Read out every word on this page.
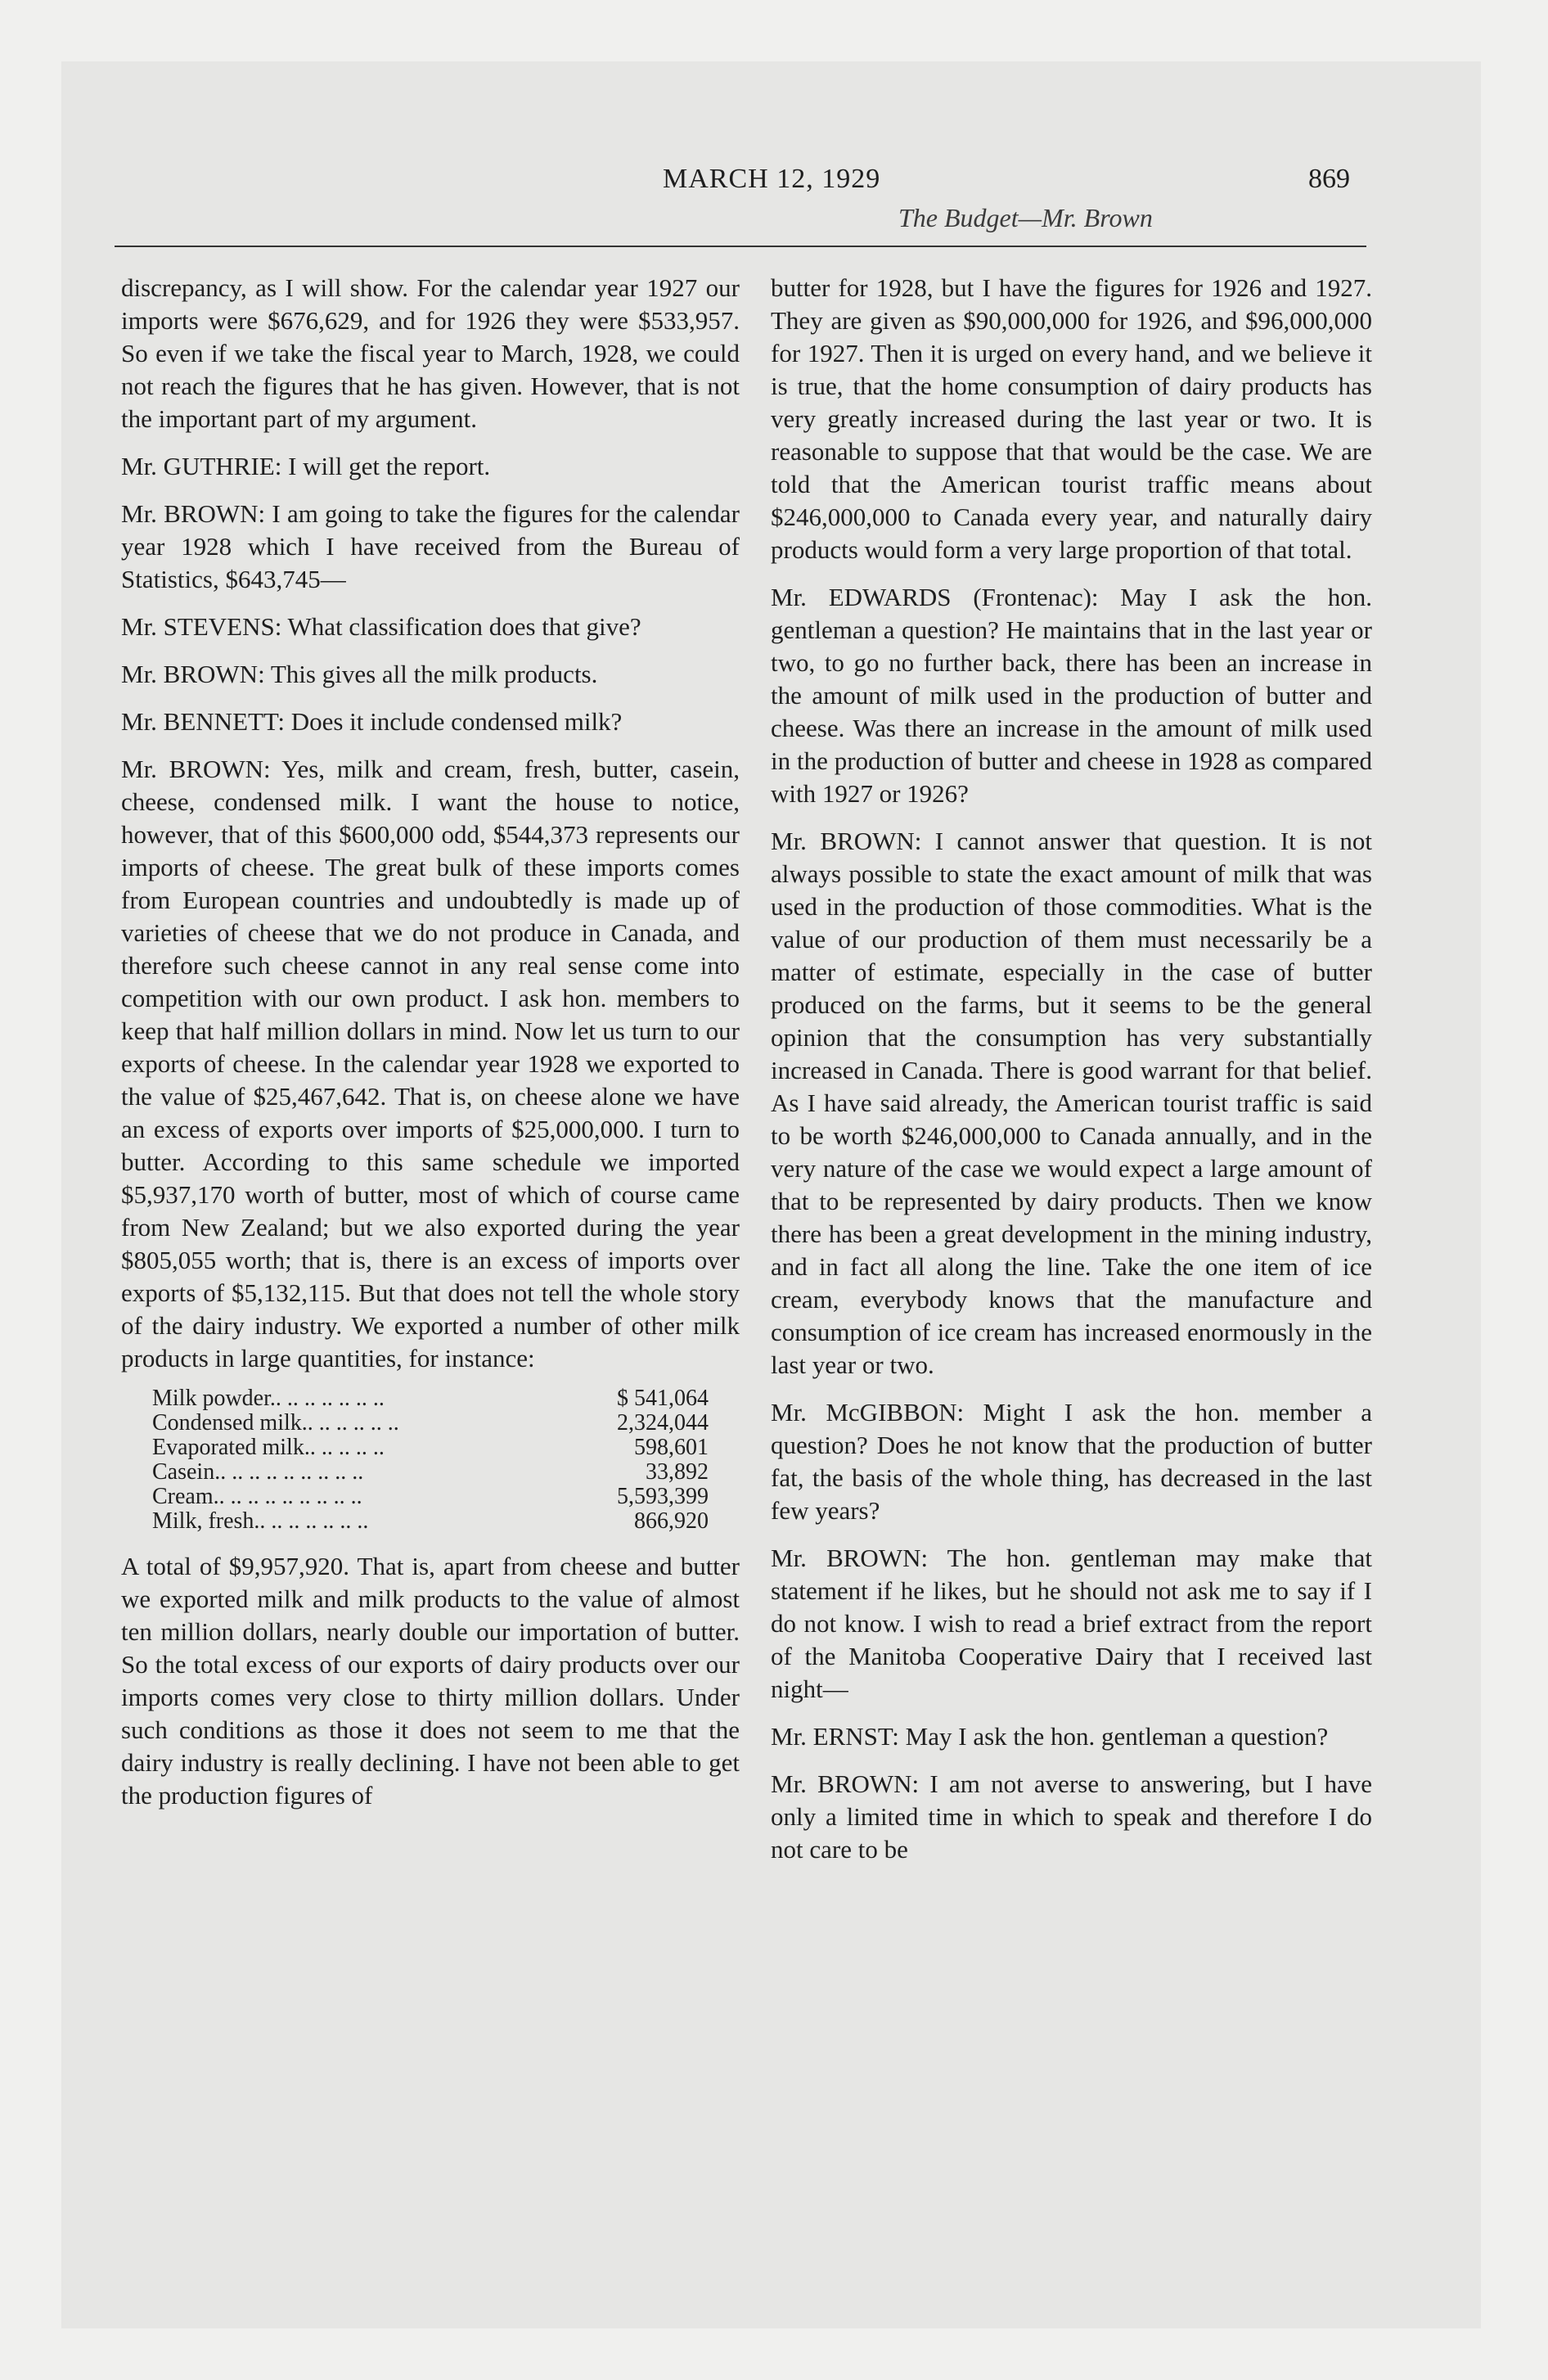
MARCH 12, 1929
The Budget—Mr. Brown
869

discrepancy, as I will show. For the calendar year 1927 our imports were $676,629, and for 1926 they were $533,957. So even if we take the fiscal year to March, 1928, we could not reach the figures that he has given. However, that is not the important part of my argument.

Mr. GUTHRIE: I will get the report.

Mr. BROWN: I am going to take the figures for the calendar year 1928 which I have received from the Bureau of Statistics, $643,745—

Mr. STEVENS: What classification does that give?

Mr. BROWN: This gives all the milk products.

Mr. BENNETT: Does it include condensed milk?

Mr. BROWN: Yes, milk and cream, fresh, butter, casein, cheese, condensed milk. I want the house to notice, however, that of this $600,000 odd, $544,373 represents our imports of cheese. The great bulk of these imports comes from European countries and undoubtedly is made up of varieties of cheese that we do not produce in Canada, and therefore such cheese cannot in any real sense come into competition with our own product. I ask hon. members to keep that half million dollars in mind. Now let us turn to our exports of cheese. In the calendar year 1928 we exported to the value of $25,467,642. That is, on cheese alone we have an excess of exports over imports of $25,000,000. I turn to butter. According to this same schedule we imported $5,937,170 worth of butter, most of which of course came from New Zealand; but we also exported during the year $805,055 worth; that is, there is an excess of imports over exports of $5,132,115. But that does not tell the whole story of the dairy industry. We exported a number of other milk products in large quantities, for instance:

Milk powder.. .. .. .. .. .. ..	$ 541,064
Condensed milk.. .. .. .. .. ..	2,324,044
Evaporated milk.. .. .. .. ..	598,601
Casein.. .. .. .. .. .. .. .. ..	33,892
Cream.. .. .. .. .. .. .. .. ..	5,593,399
Milk, fresh.. .. .. .. .. .. ..	866,920

A total of $9,957,920. That is, apart from cheese and butter we exported milk and milk products to the value of almost ten million dollars, nearly double our importation of butter. So the total excess of our exports of dairy products over our imports comes very close to thirty million dollars. Under such conditions as those it does not seem to me that the dairy industry is really declining. I have not been able to get the production figures of

butter for 1928, but I have the figures for 1926 and 1927. They are given as $90,000,000 for 1926, and $96,000,000 for 1927. Then it is urged on every hand, and we believe it is true, that the home consumption of dairy products has very greatly increased during the last year or two. It is reasonable to suppose that that would be the case. We are told that the American tourist traffic means about $246,000,000 to Canada every year, and naturally dairy products would form a very large proportion of that total.

Mr. EDWARDS (Frontenac): May I ask the hon. gentleman a question? He maintains that in the last year or two, to go no further back, there has been an increase in the amount of milk used in the production of butter and cheese. Was there an increase in the amount of milk used in the production of butter and cheese in 1928 as compared with 1927 or 1926?

Mr. BROWN: I cannot answer that question. It is not always possible to state the exact amount of milk that was used in the production of those commodities. What is the value of our production of them must necessarily be a matter of estimate, especially in the case of butter produced on the farms, but it seems to be the general opinion that the consumption has very substantially increased in Canada. There is good warrant for that belief. As I have said already, the American tourist traffic is said to be worth $246,000,000 to Canada annually, and in the very nature of the case we would expect a large amount of that to be represented by dairy products. Then we know there has been a great development in the mining industry, and in fact all along the line. Take the one item of ice cream, everybody knows that the manufacture and consumption of ice cream has increased enormously in the last year or two.

Mr. McGIBBON: Might I ask the hon. member a question? Does he not know that the production of butter fat, the basis of the whole thing, has decreased in the last few years?

Mr. BROWN: The hon. gentleman may make that statement if he likes, but he should not ask me to say if I do not know. I wish to read a brief extract from the report of the Manitoba Cooperative Dairy that I received last night—

Mr. ERNST: May I ask the hon. gentleman a question?

Mr. BROWN: I am not averse to answering, but I have only a limited time in which to speak and therefore I do not care to be
